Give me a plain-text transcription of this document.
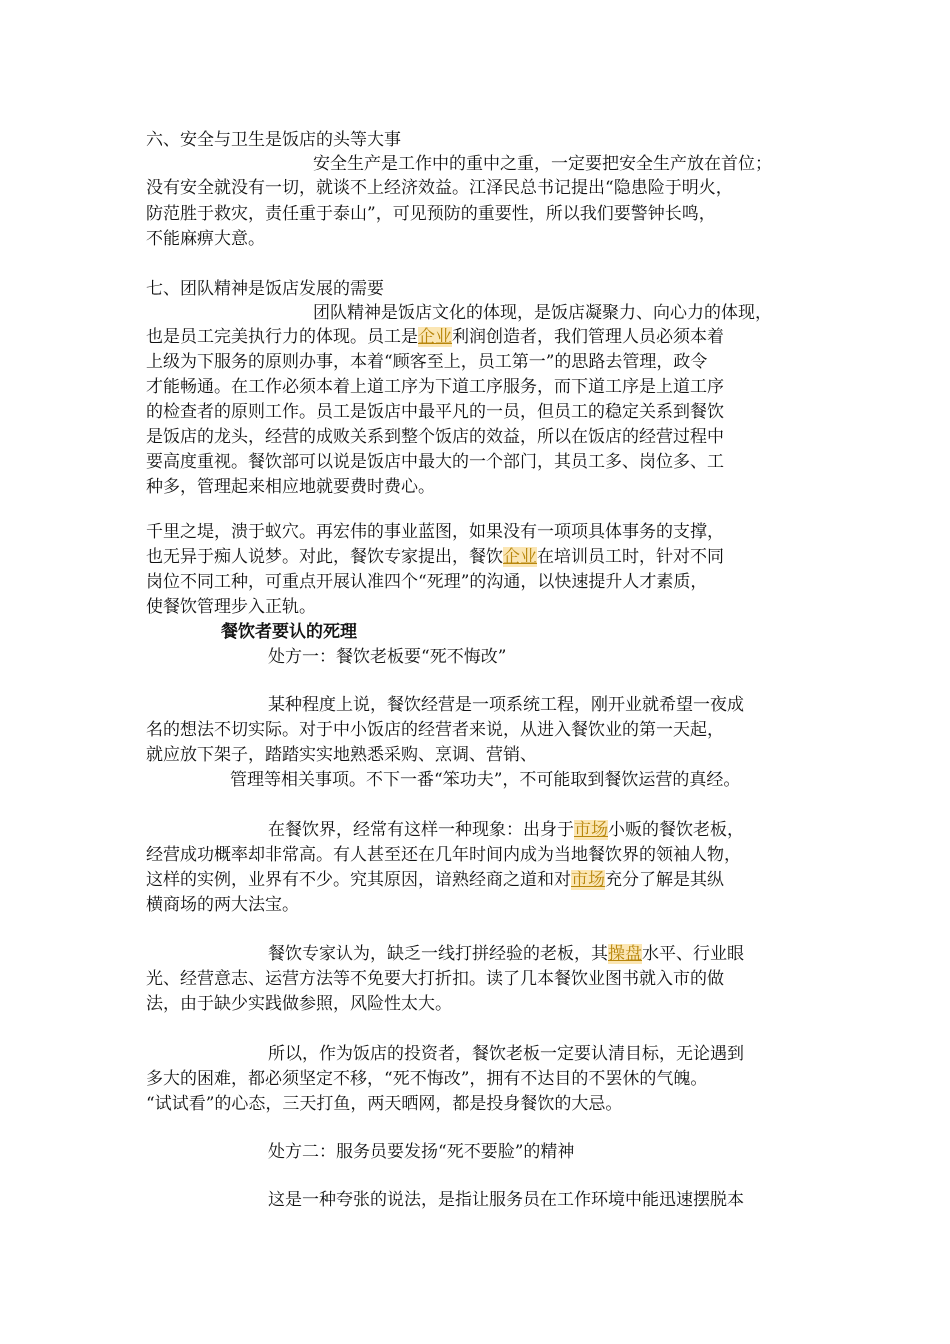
六、安全与卫生是饭店的头等大事
安全生产是工作中的重中之重，一定要把安全生产放在首位；
没有安全就没有一切，就谈不上经济效益。江泽民总书记提出“隐患险于明火，
防范胜于救灾，责任重于泰山”，可见预防的重要性，所以我们要警钟长鸣，
不能麻痹大意。
七、团队精神是饭店发展的需要
团队精神是饭店文化的体现，是饭店凝聚力、向心力的体现，
也是员工完美执行力的体现。员工是企业利润创造者，我们管理人员必须本着
上级为下服务的原则办事，本着“顾客至上，员工第一”的思路去管理，政令
才能畅通。在工作必须本着上道工序为下道工序服务，而下道工序是上道工序
的检查者的原则工作。员工是饭店中最平凡的一员，但员工的稳定关系到餐饮
是饭店的龙头，经营的成败关系到整个饭店的效益，所以在饭店的经营过程中
要高度重视。餐饮部可以说是饭店中最大的一个部门，其员工多、岗位多、工
种多，管理起来相应地就要费时费心。
千里之堤，溃于蚁穴。再宏伟的事业蓝图，如果没有一项项具体事务的支撑，
也无异于痴人说梦。对此，餐饮专家提出，餐饮企业在培训员工时，针对不同
岗位不同工种，可重点开展认准四个“死理”的沟通，以快速提升人才素质，
使餐饮管理步入正轨。
餐饮者要认的死理
处方一：餐饮老板要“死不悔改”
某种程度上说，餐饮经营是一项系统工程，刚开业就希望一夜成
名的想法不切实际。对于中小饭店的经营者来说，从进入餐饮业的第一天起，
就应放下架子，踏踏实实地熟悉采购、烹调、营销、
管理等相关事项。不下一番“笨功夫”，不可能取到餐饮运营的真经。
在餐饮界，经常有这样一种现象：出身于市场小贩的餐饮老板，
经营成功概率却非常高。有人甚至还在几年时间内成为当地餐饮界的领袖人物，
这样的实例，业界有不少。究其原因，谙熟经商之道和对市场充分了解是其纵
横商场的两大法宝。
餐饮专家认为，缺乏一线打拼经验的老板，其操盘水平、行业眼
光、经营意志、运营方法等不免要大打折扣。读了几本餐饮业图书就入市的做
法，由于缺少实践做参照，风险性太大。
所以，作为饭店的投资者，餐饮老板一定要认清目标，无论遇到
多大的困难，都必须坚定不移，“死不悔改”，拥有不达目的不罢休的气魄。
“试试看”的心态，三天打鱼，两天晒网，都是投身餐饮的大忌。
处方二：服务员要发扬“死不要脸”的精神
这是一种夸张的说法，是指让服务员在工作环境中能迅速摆脱本
